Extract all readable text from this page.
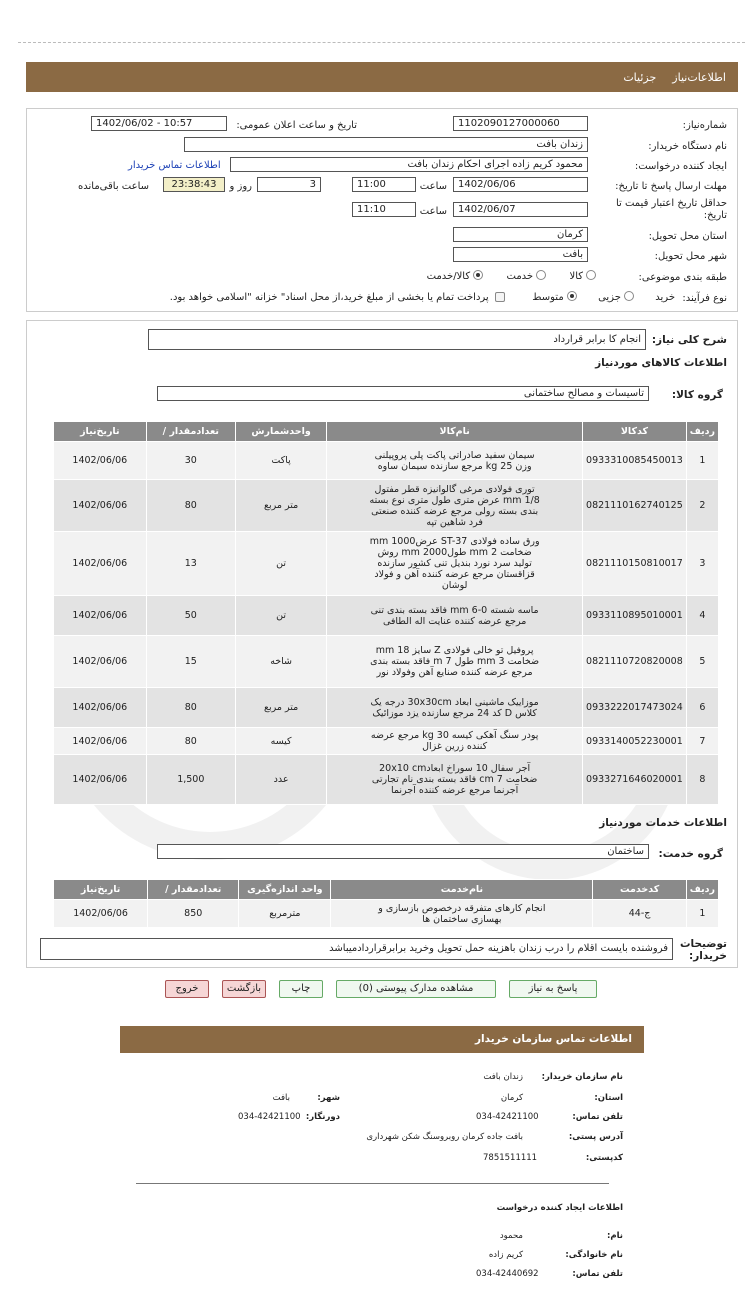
اطلاعات‌نیاز
جزئیات
شماره‌نیاز:
1102090127000060
تاریخ و ساعت اعلان عمومی:
1402/06/02 - 10:57
نام دستگاه خریدار:
زندان بافت
ایجاد کننده درخواست:
محمود کریم زاده اجرای احکام زندان بافت
اطلاعات تماس خریدار
مهلت ارسال پاسخ تا تاریخ:
1402/06/06
ساعت
11:00
3
روز و
23:38:43
ساعت باقی‌مانده
حداقل تاریخ اعتبار قیمت تا تاریخ:
1402/06/07
ساعت
11:10
استان محل تحویل:
کرمان
شهر محل تحویل:
بافت
طبقه بندی موضوعی:
کالا  خدمت  کالا/خدمت
نوع فرآیند:
خرید  جزیی  متوسط   پرداخت تمام یا بخشی از مبلغ خرید،از محل اسناد" خزانه "اسلامی خواهد بود.
شرح کلی نیاز:
انجام کا برابر قرارداد
اطلاعات کالاهای موردنیاز
گروه کالا:
تاسیسات و مصالح ساختمانی
ردیف	کدکالا	نام‌کالا	واحدشمارش	تعدادمقدار /	تاریخ‌نیاز
1	0933310085450013	سیمان سفید صادراتی پاکت پلی پروپیلنی وزن 25 kg مرجع سازنده سیمان ساوه	پاکت	30	1402/06/06
2	0821110162740125	توری فولادی مرغی گالوانیزه قطر مفتول 1/8 mm عرض متری طول متری نوع بسته بندی بسته رولی مرجع عرضه کننده صنعتی فرد شاهین تپه	متر مربع	80	1402/06/06
3	0821110150810017	ورق ساده فولادی ST-37 عرض1000 mm ضخامت 2 mm طول2000 mm روش تولید سرد نورد بندیل تنی کشور سازنده قزاقستان مرجع عرضه کننده آهن و فولاد لوشان	تن	13	1402/06/06
4	0933110895010001	ماسه شسته 0-6 mm فاقد بسته بندی تنی مرجع عرضه کننده عنایت اله الطافی	تن	50	1402/06/06
5	0821110720820008	پروفیل تو خالی فولادی Z سایز 18 mm ضخامت 3 mm طول 7 m فاقد بسته بندی مرجع عرضه کننده صنایع آهن وفولاد نور	شاخه	15	1402/06/06
6	0933222017473024	موزاییک ماشینی ابعاد 30x30cm درجه یک کلاس D کد 24 مرجع سازنده یزد موزائیک	متر مربع	80	1402/06/06
7	0933140052230001	پودر سنگ آهکی کیسه 30 kg مرجع عرضه کننده زرین غزال	کیسه	80	1402/06/06
8	0933271646020001	آجر سفال 10 سوراخ ابعاد20x10 cm ضخامت 7 cm فاقد بسته بندی نام تجارتی آجرنما مرجع عرضه کننده آجرنما	عدد	1,500	1402/06/06
اطلاعات خدمات موردنیاز
گروه خدمت:
ساختمان
ردیف	کدخدمت	نام‌خدمت	واحد اندازه‌گیری	تعدادمقدار /	تاریخ‌نیاز
1	ج-44	انجام کارهای متفرقه درخصوص بازسازی و بهسازی ساختمان ها	مترمربع	850	1402/06/06
توضیحات خریدار:
فروشنده بایست اقلام را درب زندان باهزینه حمل تحویل وخرید برابرقراردادمیباشد
پاسخ به نیاز
مشاهده مدارک پیوستی (0)
چاپ
بازگشت
خروج
اطلاعات تماس سازمان خریدار
نام سازمان خریدار:
زندان بافت
استان:
کرمان
شهر:
بافت
تلفن تماس:
034-42421100
دورنگار:
034-42421100
آدرس پستی:
بافت جاده کرمان روبروسنگ شکن شهرداری
کدپستی:
7851511111
اطلاعات ایجاد کننده درخواست
نام:
محمود
نام خانوادگی:
کریم زاده
تلفن تماس:
034-42440692
